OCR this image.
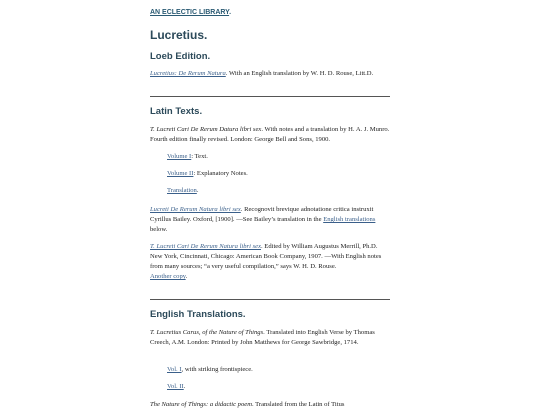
AN ECLECTIC LIBRARY.
Lucretius.
Loeb Edition.

Lucretius: De Rerum Natura. With an English translation by W. H. D. Rouse, Litt.D.

Latin Texts.

T. Lucreti Cari De Rerum Datura libri sex. With notes and a translation by H. A. J. Munro. Fourth edition finally revised. London: George Bell and Sons, 1900.

Volume I: Text.

Volume II: Explanatory Notes.

Translation.

Lucreti De Rerum Natura libri sex. Recognovit brevique adnotatione critica instruxit Cyrillus Bailey. Oxford, [1900]. —See Bailey’s translation in the English translations below.

T. Lucreti Cari De Rerum Natura libri sex. Edited by William Augustus Merrill, Ph.D. New York, Cincinnati, Chicago: American Book Company, 1907. —With English notes from many sources; “a very useful compilation,” says W. H. D. Rouse.
Another copy.

English Translations.

T. Lucretius Carus, of the Nature of Things. Translated into English Verse by Thomas Creech, A.M. London: Printed by John Matthews for George Sawbridge, 1714.

Vol. I, with striking frontispiece.

Vol. II.

The Nature of Things: a didactic poem. Translated from the Latin of Titus
